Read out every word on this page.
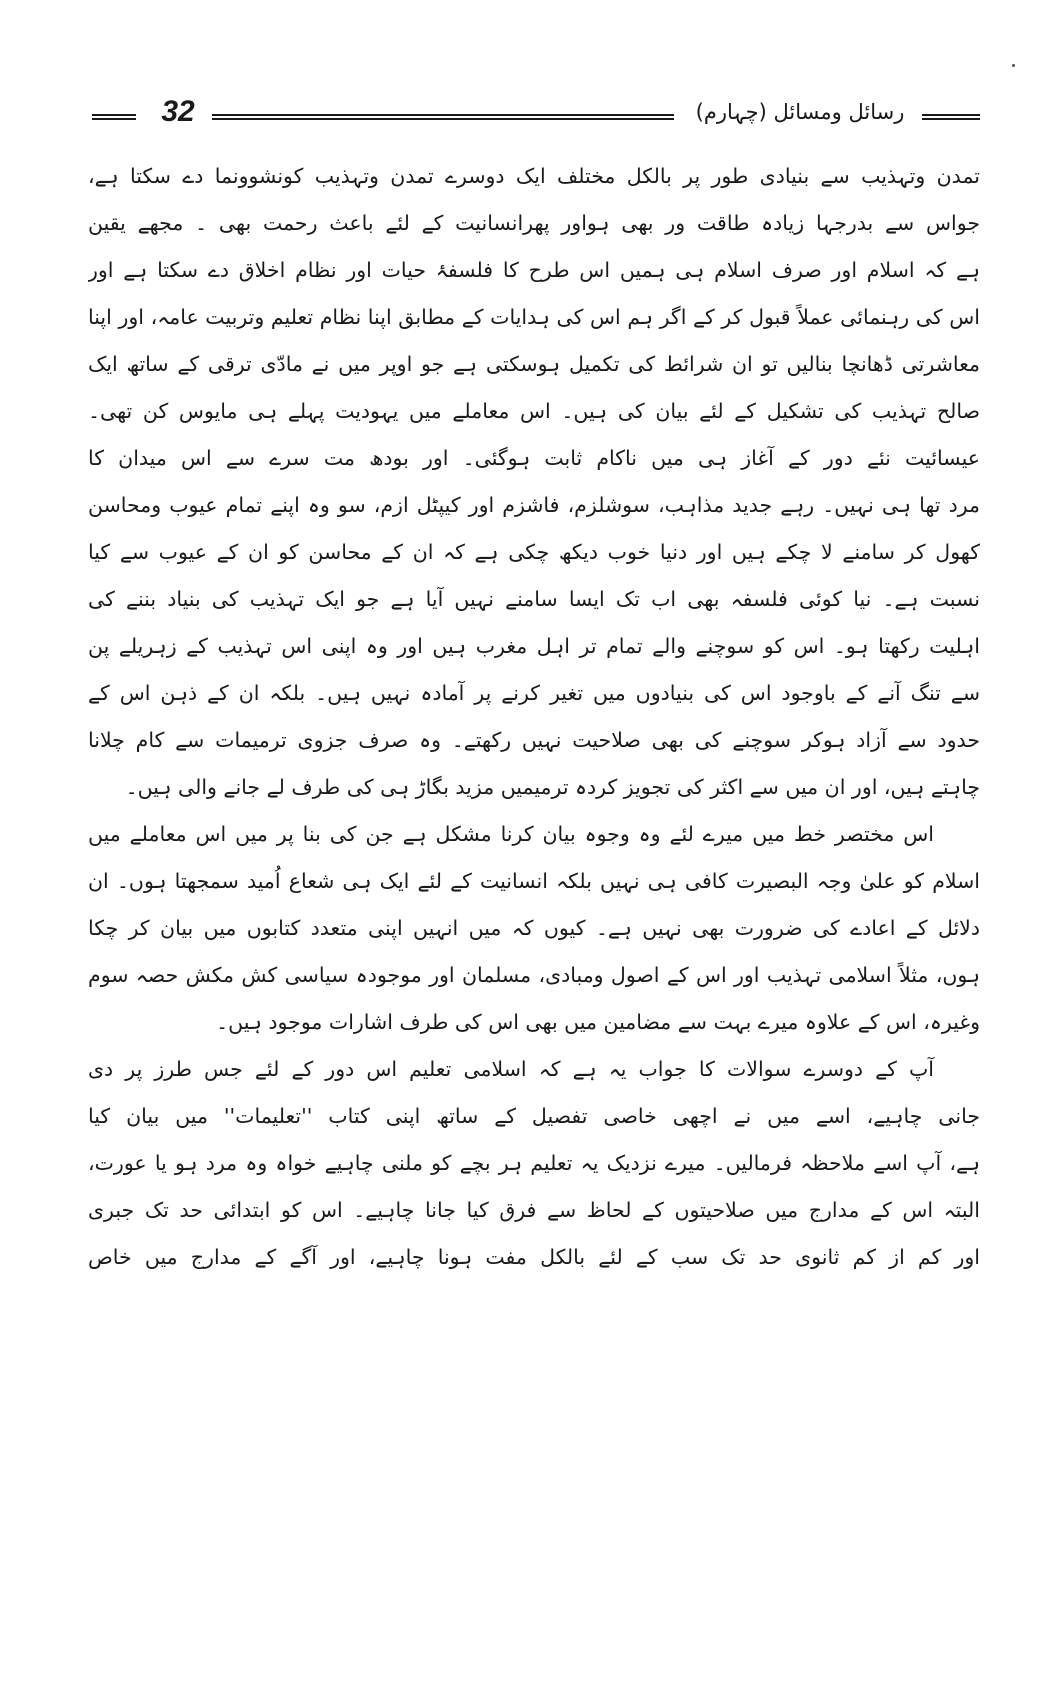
32	رسائل ومسائل (چہارم)
تمدن وتہذیب سے بنیادی طور پر بالکل مختلف ایک دوسرے تمدن وتہذیب کونشوونما دے سکتا ہے،
جواس سے بدرجہا زیادہ طاقت ور بھی ہواور پھرانسانیت کے لئے باعث رحمت بھی ۔ مجھے یقین
ہے کہ اسلام اور صرف اسلام ہی ہمیں اس طرح کا فلسفۂ حیات اور نظام اخلاق دے سکتا ہے اور
اس کی رہنمائی عملاً قبول کر کے اگر ہم اس کی ہدایات کے مطابق اپنا نظام تعلیم وتربیت عامہ، اور اپنا
معاشرتی ڈھانچا بنالیں تو ان شرائط کی تکمیل ہوسکتی ہے جو اوپر میں نے مادّی ترقی کے ساتھ ایک
صالح تہذیب کی تشکیل کے لئے بیان کی ہیں۔ اس معاملے میں یہودیت پہلے ہی مایوس کن تھی۔
عیسائیت نئے دور کے آغاز ہی میں ناکام ثابت ہوگئی۔ اور بودھ مت سرے سے اس میدان کا
مرد تھا ہی نہیں۔ رہے جدید مذاہب، سوشلزم، فاشزم اور کیپٹل ازم، سو وہ اپنے تمام عیوب ومحاسن
کھول کر سامنے لا چکے ہیں اور دنیا خوب دیکھ چکی ہے کہ ان کے محاسن کو ان کے عیوب سے کیا
نسبت ہے۔ نیا کوئی فلسفہ بھی اب تک ایسا سامنے نہیں آیا ہے جو ایک تہذیب کی بنیاد بننے کی
اہلیت رکھتا ہو۔ اس کو سوچنے والے تمام تر اہل مغرب ہیں اور وہ اپنی اس تہذیب کے زہریلے پن
سے تنگ آنے کے باوجود اس کی بنیادوں میں تغیر کرنے پر آمادہ نہیں ہیں۔ بلکہ ان کے ذہن اس کے
حدود سے آزاد ہوکر سوچنے کی بھی صلاحیت نہیں رکھتے۔ وہ صرف جزوی ترمیمات سے کام چلانا
چاہتے ہیں، اور ان میں سے اکثر کی تجویز کردہ ترمیمیں مزید بگاڑ ہی کی طرف لے جانے والی ہیں۔
اس مختصر خط میں میرے لئے وہ وجوہ بیان کرنا مشکل ہے جن کی بنا پر میں اس معاملے میں
اسلام کو علیٰ وجہ البصیرت کافی ہی نہیں بلکہ انسانیت کے لئے ایک ہی شعاع اُمید سمجھتا ہوں۔ ان
دلائل کے اعادے کی ضرورت بھی نہیں ہے۔ کیوں کہ میں انہیں اپنی متعدد کتابوں میں بیان کر چکا
ہوں، مثلاً اسلامی تہذیب اور اس کے اصول ومبادی، مسلمان اور موجودہ سیاسی کش مکش حصہ سوم
وغیرہ، اس کے علاوہ میرے بہت سے مضامین میں بھی اس کی طرف اشارات موجود ہیں۔
آپ کے دوسرے سوالات کا جواب یہ ہے کہ اسلامی تعلیم اس دور کے لئے جس طرز پر دی
جانی چاہیے، اسے میں نے اچھی خاصی تفصیل کے ساتھ اپنی کتاب ''تعلیمات'' میں بیان کیا
ہے، آپ اسے ملاحظہ فرمالیں۔ میرے نزدیک یہ تعلیم ہر بچے کو ملنی چاہیے خواہ وہ مرد ہو یا عورت،
البتہ اس کے مدارج میں صلاحیتوں کے لحاظ سے فرق کیا جانا چاہیے۔ اس کو ابتدائی حد تک جبری
اور کم از کم ثانوی حد تک سب کے لئے بالکل مفت ہونا چاہیے، اور آگے کے مدارج میں خاص
